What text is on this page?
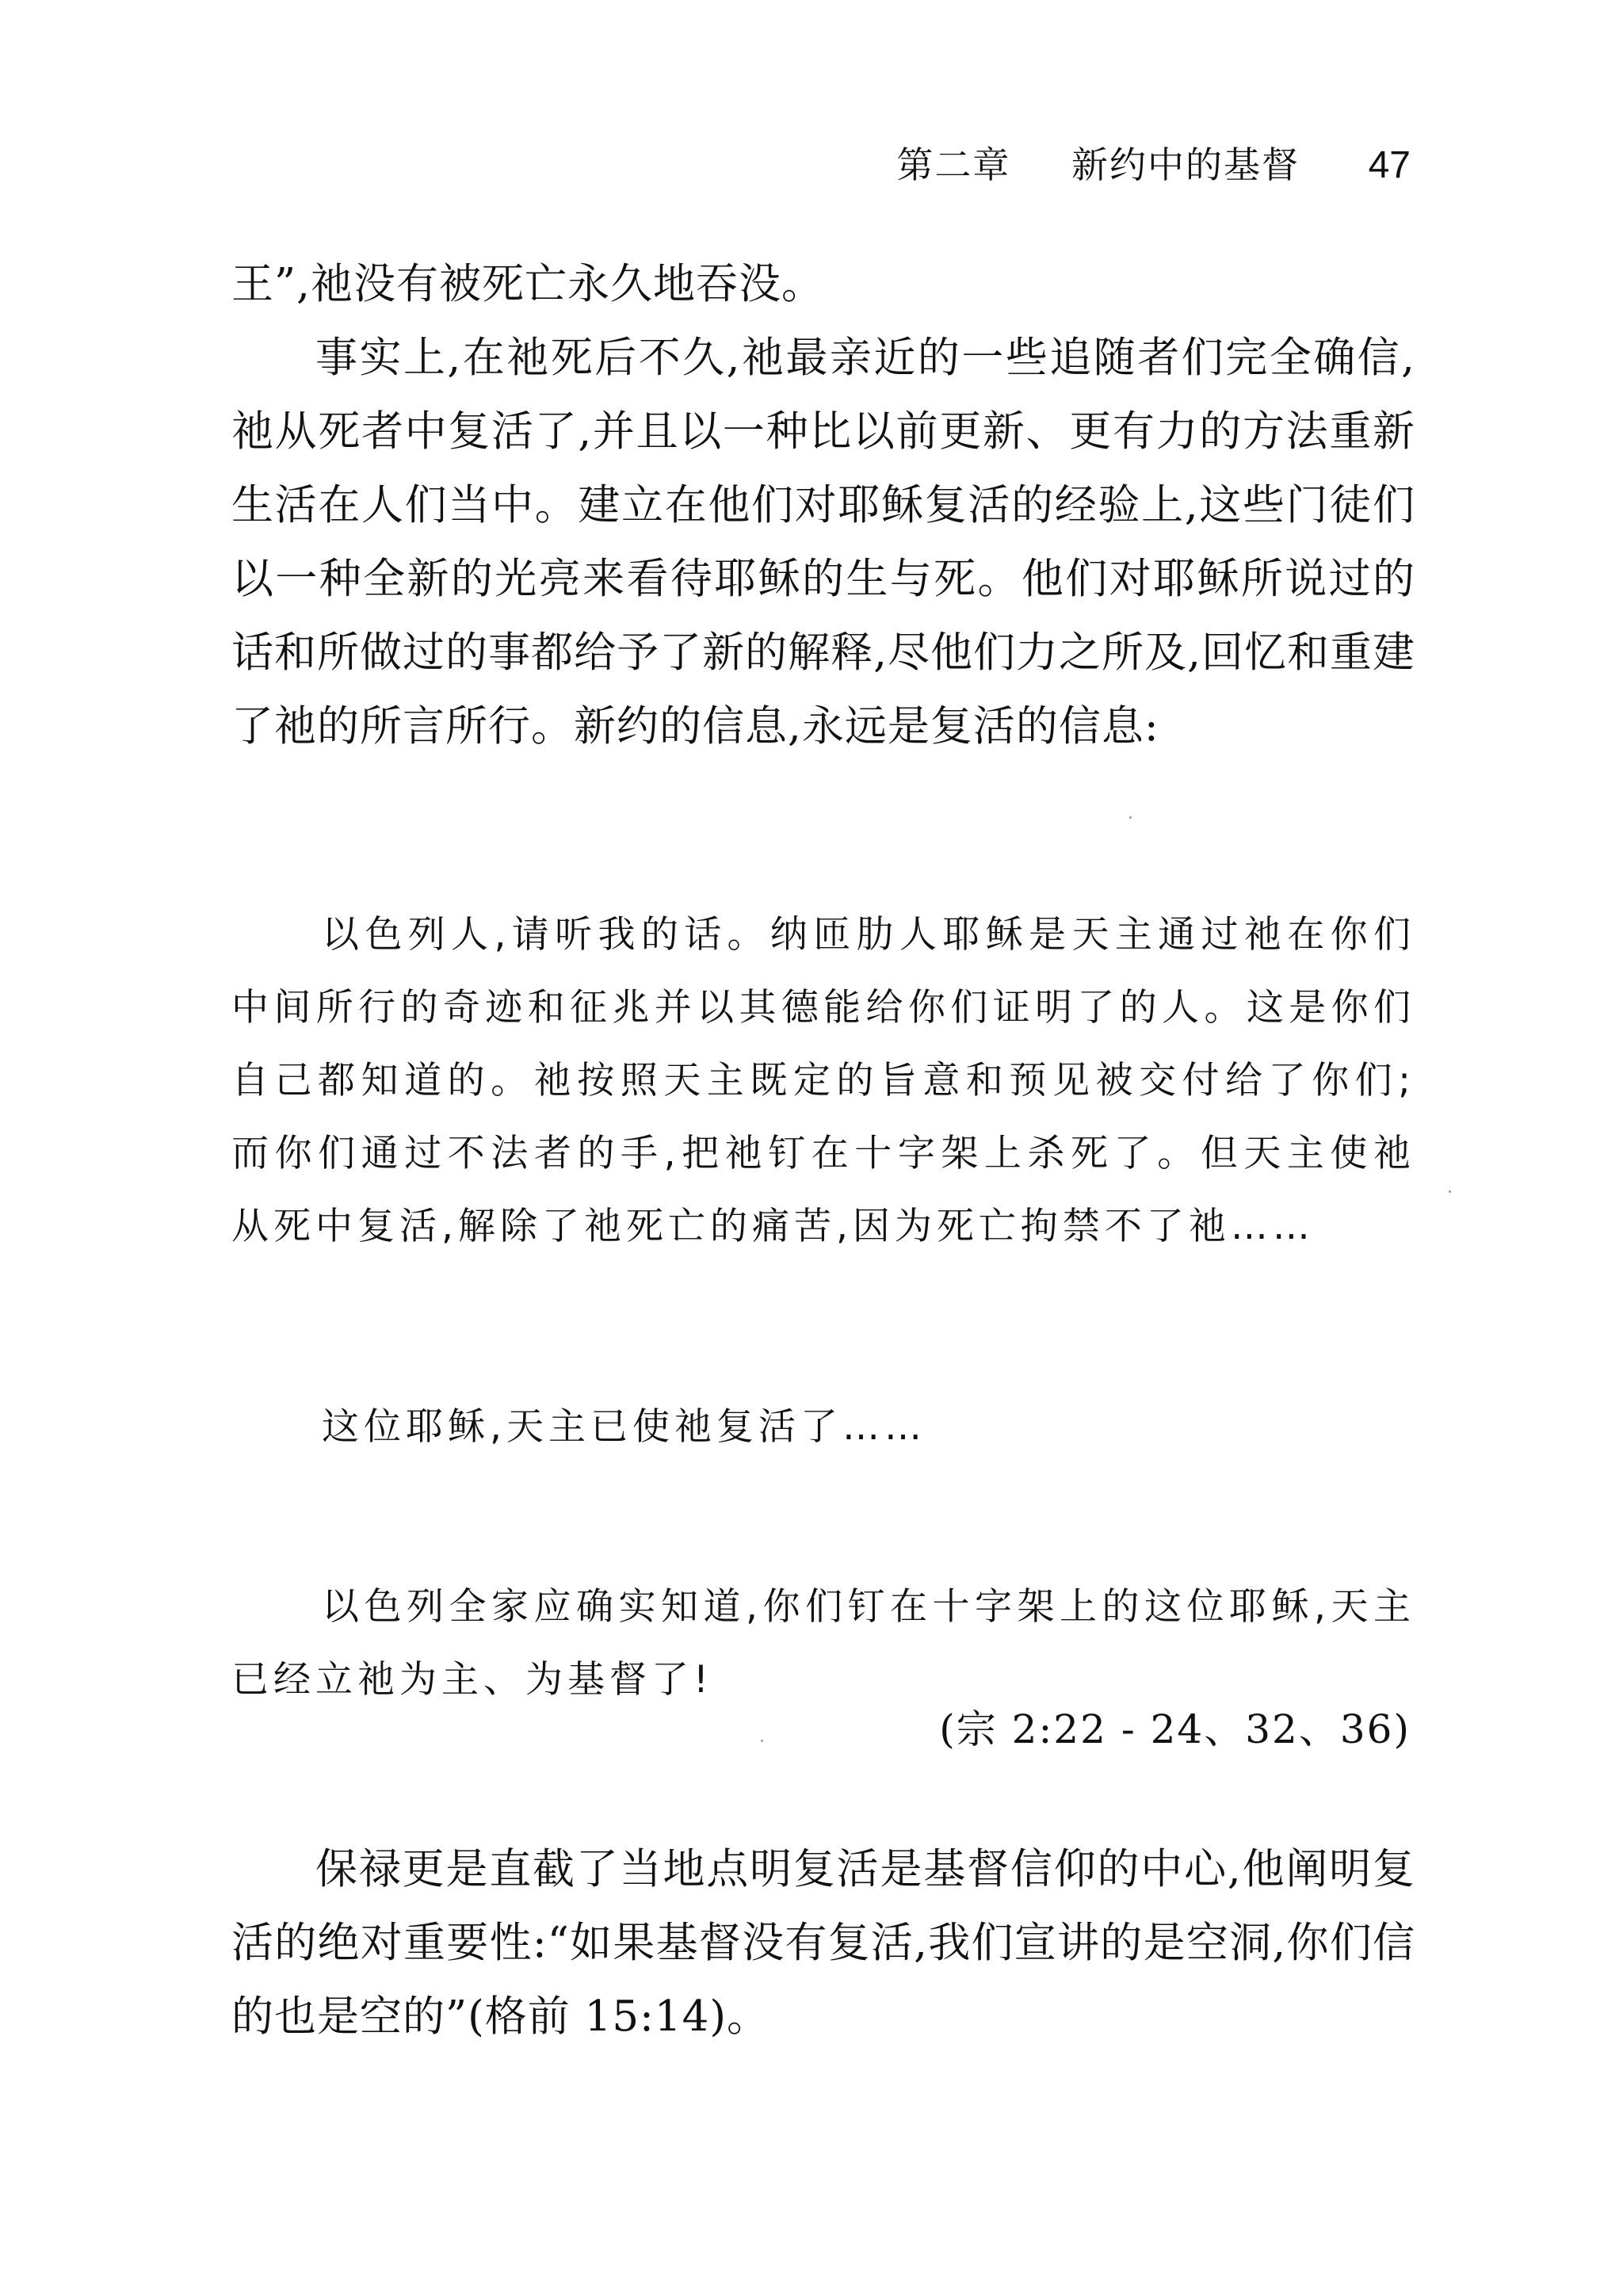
第二章 新约中的基督 47

王”,祂没有被死亡永久地吞没。

事实上,在祂死后不久,祂最亲近的一些追随者们完全确信,祂从死者中复活了,并且以一种比以前更新、更有力的方法重新生活在人们当中。建立在他们对耶稣复活的经验上,这些门徒们以一种全新的光亮来看待耶稣的生与死。他们对耶稣所说过的话和所做过的事都给予了新的解释,尽他们力之所及,回忆和重建了祂的所言所行。新约的信息,永远是复活的信息:

以色列人,请听我的话。纳匝肋人耶稣是天主通过祂在你们中间所行的奇迹和征兆并以其德能给你们证明了的人。这是你们自己都知道的。祂按照天主既定的旨意和预见被交付给了你们;而你们通过不法者的手,把祂钉在十字架上杀死了。但天主使祂从死中复活,解除了祂死亡的痛苦,因为死亡拘禁不了祂……

这位耶稣,天主已使祂复活了……

以色列全家应确实知道,你们钉在十字架上的这位耶稣,天主已经立祂为主、为基督了!

(宗 2:22 - 24、32、36)

保禄更是直截了当地点明复活是基督信仰的中心,他阐明复活的绝对重要性:“如果基督没有复活,我们宣讲的是空洞,你们信的也是空的”(格前 15:14)。
